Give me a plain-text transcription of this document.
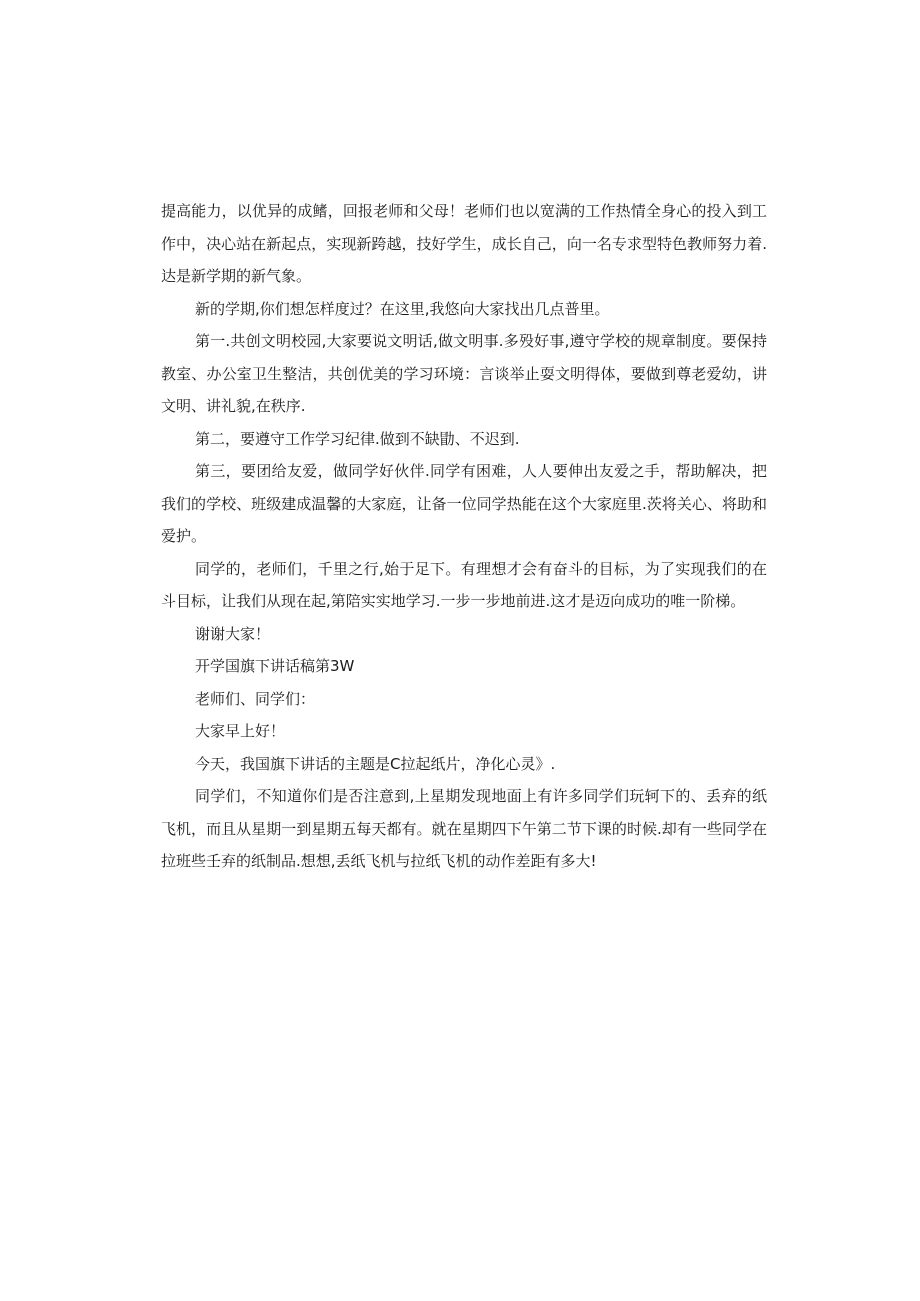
提高能力，以优异的成鳍，回报老师和父母！老师们也以宽满的工作热情全身心的投入到工作中，决心站在新起点，实现新跨越，技好学生，成长自己，向一名专求型特色教师努力着.达是新学期的新气象。

新的学期,你们想怎样度过？在这里,我悠向大家找出几点普里。

第一.共创文明校园,大家要说文明话,做文明事.多殁好事,遵守学校的规章制度。要保持教室、办公室卫生整洁，共创优美的学习环境：言谈举止耍文明得体，要做到尊老爱幼，讲文明、讲礼貌,在秩序.

第二，要遵守工作学习纪律.做到不缺勖、不迟到.

第三，要团给友爱，做同学好伙伴.同学有困难，人人要伸出友爱之手，帮助解决，把我们的学校、班级建成温馨的大家庭，让备一位同学热能在这个大家庭里.茨将关心、将助和爱护。

同学的，老师们，千里之行,始于足下。有理想才会有奋斗的目标，为了实现我们的在斗目标，让我们从现在起,第陪实实地学习.一步一步地前进.这才是迈向成功的唯一阶梯。

谢谢大家！

开学国旗下讲话稿第3W

老师们、同学们：

大家早上好！

今天，我国旗下讲话的主题是C拉起纸片，净化心灵》.

同学们，不知道你们是否注意到,上星期发现地面上有许多同学们玩轲下的、丢弃的纸飞机，而且从星期一到星期五每天都有。就在星期四下午第二节下课的时候.却有一些同学在拉班些壬弃的纸制品.想想,丢纸飞机与拉纸飞机的动作差距有多大!
